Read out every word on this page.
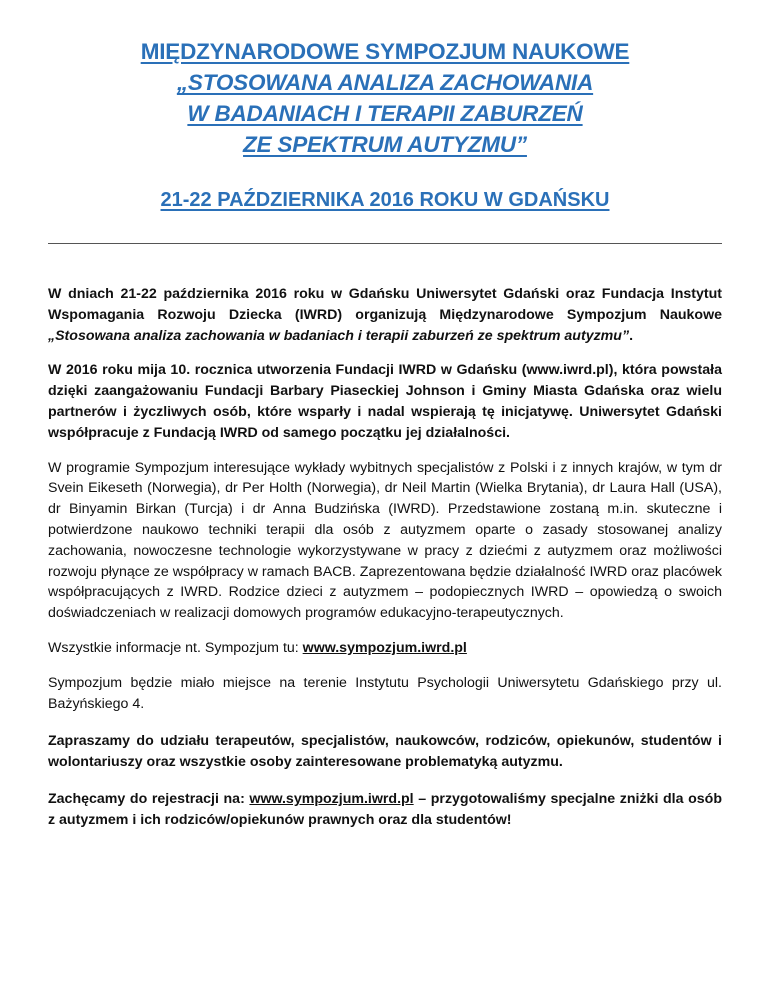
MIĘDZYNARODOWE SYMPOZJUM NAUKOWE
„STOSOWANA ANALIZA ZACHOWANIA
W BADANIACH I TERAPII ZABURZEŃ
ZE SPEKTRUM AUTYZMU”
21-22 PAŹDZIERNIKA 2016 ROKU W GDAŃSKU

W dniach 21-22 października 2016 roku w Gdańsku Uniwersytet Gdański oraz Fundacja Instytut Wspomagania Rozwoju Dziecka (IWRD) organizują Międzynarodowe Sympozjum Naukowe „Stosowana analiza zachowania w badaniach i terapii zaburzeń ze spektrum autyzmu”.

W 2016 roku mija 10. rocznica utworzenia Fundacji IWRD w Gdańsku (www.iwrd.pl), która powstała dzięki zaangażowaniu Fundacji Barbary Piaseckiej Johnson i Gminy Miasta Gdańska oraz wielu partnerów i życzliwych osób, które wsparły i nadal wspierają tę inicjatywę. Uniwersytet Gdański współpracuje z Fundacją IWRD od samego początku jej działalności.

W programie Sympozjum interesujące wykłady wybitnych specjalistów z Polski i z innych krajów, w tym dr Svein Eikeseth (Norwegia), dr Per Holth (Norwegia), dr Neil Martin (Wielka Brytania), dr Laura Hall (USA), dr Binyamin Birkan (Turcja) i dr Anna Budzińska (IWRD). Przedstawione zostaną m.in. skuteczne i potwierdzone naukowo techniki terapii dla osób z autyzmem oparte o zasady stosowanej analizy zachowania, nowoczesne technologie wykorzystywane w pracy z dziećmi z autyzmem oraz możliwości rozwoju płynące ze współpracy w ramach BACB. Zaprezentowana będzie działalność IWRD oraz placówek współpracujących z IWRD. Rodzice dzieci z autyzmem – podopiecznych IWRD – opowiedzą o swoich doświadczeniach w realizacji domowych programów edukacyjno-terapeutycznych.

Wszystkie informacje nt. Sympozjum tu: www.sympozjum.iwrd.pl

Sympozjum będzie miało miejsce na terenie Instytutu Psychologii Uniwersytetu Gdańskiego przy ul. Bażyńskiego 4.

Zapraszamy do udziału terapeutów, specjalistów, naukowców, rodziców, opiekunów, studentów i wolontariuszy oraz wszystkie osoby zainteresowane problematyką autyzmu.

Zachęcamy do rejestracji na: www.sympozjum.iwrd.pl – przygotowaliśmy specjalne zniżki dla osób z autyzmem i ich rodziców/opiekunów prawnych oraz dla studentów!
